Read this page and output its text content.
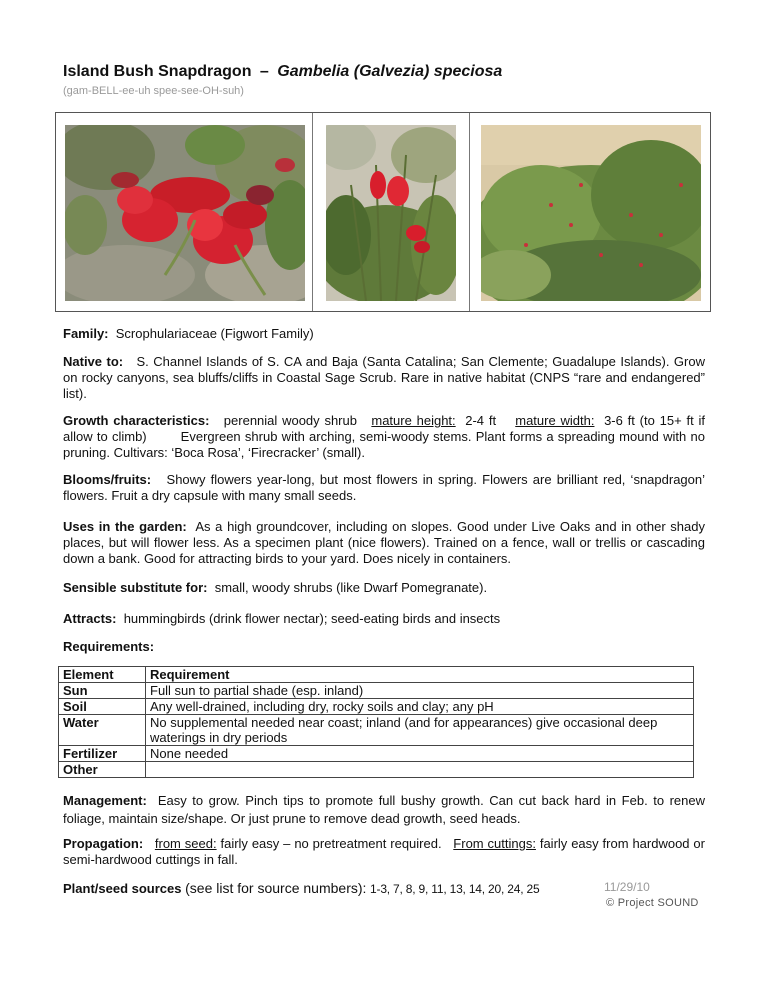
Island Bush Snapdragon – Gambelia (Galvezia) speciosa
(gam-BELL-ee-uh spee-see-OH-suh)
Family: Scrophulariaceae (Figwort Family)
Native to: S. Channel Islands of S. CA and Baja (Santa Catalina; San Clemente; Guadalupe Islands). Grow on rocky canyons, sea bluffs/cliffs in Coastal Sage Scrub. Rare in native habitat (CNPS “rare and endangered” list).
Growth characteristics: perennial woody shrub mature height: 2-4 ft mature width: 3-6 ft (to 15+ ft if allow to climb)	Evergreen shrub with arching, semi-woody stems. Plant forms a spreading mound with no pruning. Cultivars: ‘Boca Rosa’, ‘Firecracker’ (small).
Blooms/fruits: Showy flowers year-long, but most flowers in spring. Flowers are brilliant red, ‘snapdragon’ flowers. Fruit a dry capsule with many small seeds.
Uses in the garden: As a high groundcover, including on slopes. Good under Live Oaks and in other shady places, but will flower less. As a specimen plant (nice flowers). Trained on a fence, wall or trellis or cascading down a bank. Good for attracting birds to your yard. Does nicely in containers.
Sensible substitute for: small, woody shrubs (like Dwarf Pomegranate).
Attracts: hummingbirds (drink flower nectar); seed-eating birds and insects
Requirements:
Element	Requirement
Sun	Full sun to partial shade (esp. inland)
Soil	Any well-drained, including dry, rocky soils and clay; any pH
Water	No supplemental needed near coast; inland (and for appearances) give occasional deep waterings in dry periods
Fertilizer	None needed
Other	
Management: Easy to grow. Pinch tips to promote full bushy growth. Can cut back hard in Feb. to renew foliage, maintain size/shape. Or just prune to remove dead growth, seed heads.
Propagation: from seed: fairly easy – no pretreatment required. From cuttings: fairly easy from hardwood or semi-hardwood cuttings in fall.
Plant/seed sources (see list for source numbers): 1-3, 7, 8, 9, 11, 13, 14, 20, 24, 25	11/29/10
© Project SOUND
